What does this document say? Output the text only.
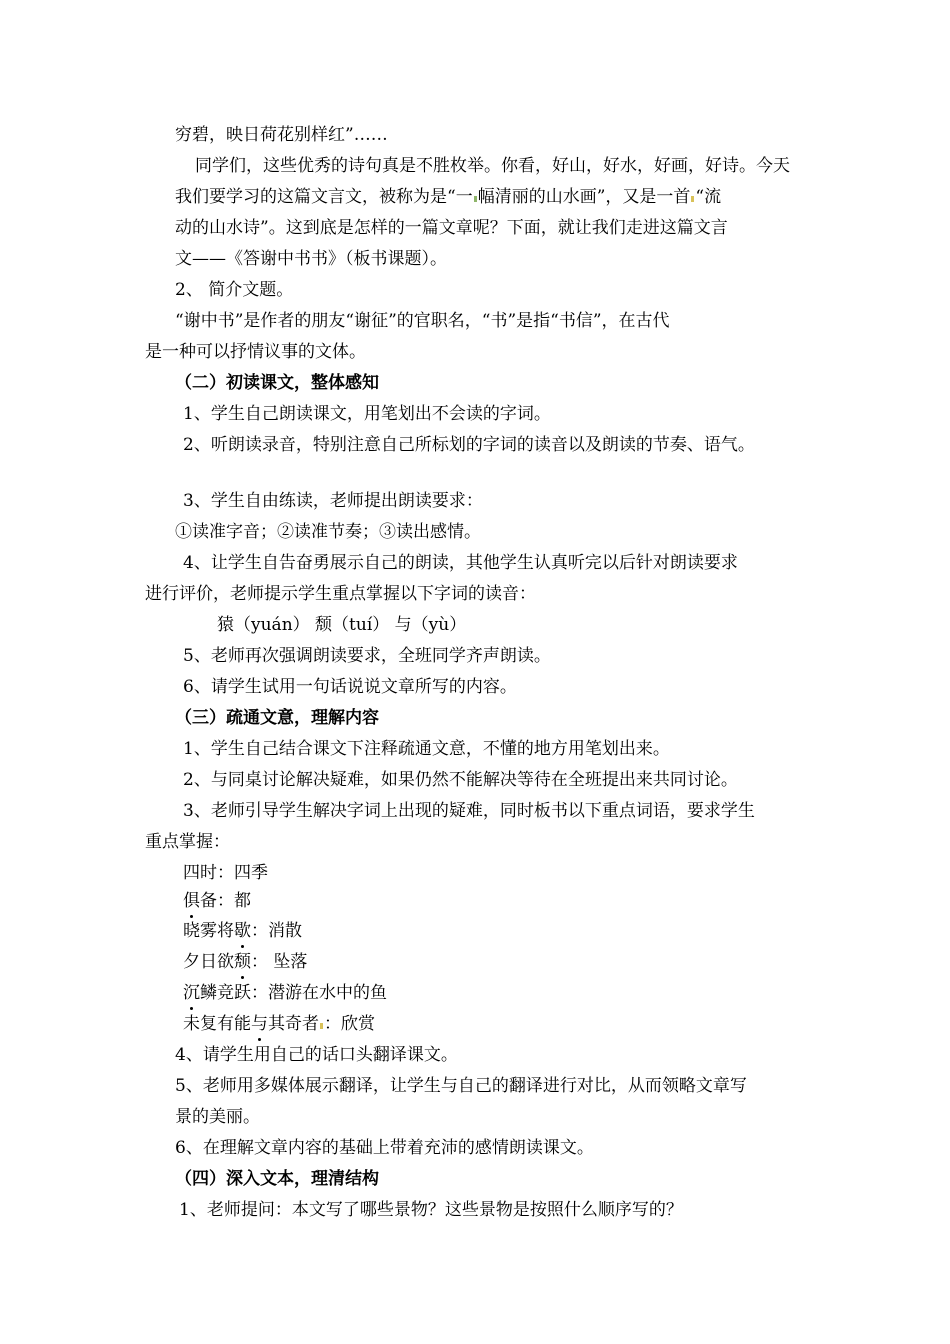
穷碧，映日荷花别样红”……
同学们，这些优秀的诗句真是不胜枚举。你看，好山，好水，好画，好诗。今天
我们要学习的这篇文言文，被称为是“一 幅清丽的山水画”，又是一首 “流
动的山水诗”。这到底是怎样的一篇文章呢？下面，就让我们走进这篇文言
文——《答谢中书书》（板书课题）。
2、 简介文题。
“谢中书”是作者的朋友“谢征”的官职名，“书”是指“书信”，在古代
是一种可以抒情议事的文体。
（二）初读课文，整体感知
1、学生自己朗读课文，用笔划出不会读的字词。
2、听朗读录音，特别注意自己所标划的字词的读音以及朗读的节奏、语气。
3、学生自由练读，老师提出朗读要求：
①读准字音；②读准节奏；③读出感情。
4、让学生自告奋勇展示自己的朗读，其他学生认真听完以后针对朗读要求
进行评价，老师提示学生重点掌握以下字词的读音：
猿（yuán） 颓（tuí） 与（yù）
5、老师再次强调朗读要求，全班同学齐声朗读。
6、请学生试用一句话说说文章所写的内容。
（三）疏通文意，理解内容
1、学生自己结合课文下注释疏通文意，不懂的地方用笔划出来。
2、与同桌讨论解决疑难，如果仍然不能解决等待在全班提出来共同讨论。
3、老师引导学生解决字词上出现的疑难，同时板书以下重点词语，要求学生
重点掌握：
四时：四季
俱备：都
晓雾将歇：消散
夕日欲颓： 坠落
沉鳞竞跃：潜游在水中的鱼
未复有能与其奇者 ：欣赏
4、请学生用自己的话口头翻译课文。
5、老师用多媒体展示翻译，让学生与自己的翻译进行对比，从而领略文章写
景的美丽。
6、在理解文章内容的基础上带着充沛的感情朗读课文。
（四）深入文本，理清结构
1、老师提问：本文写了哪些景物？这些景物是按照什么顺序写的？
